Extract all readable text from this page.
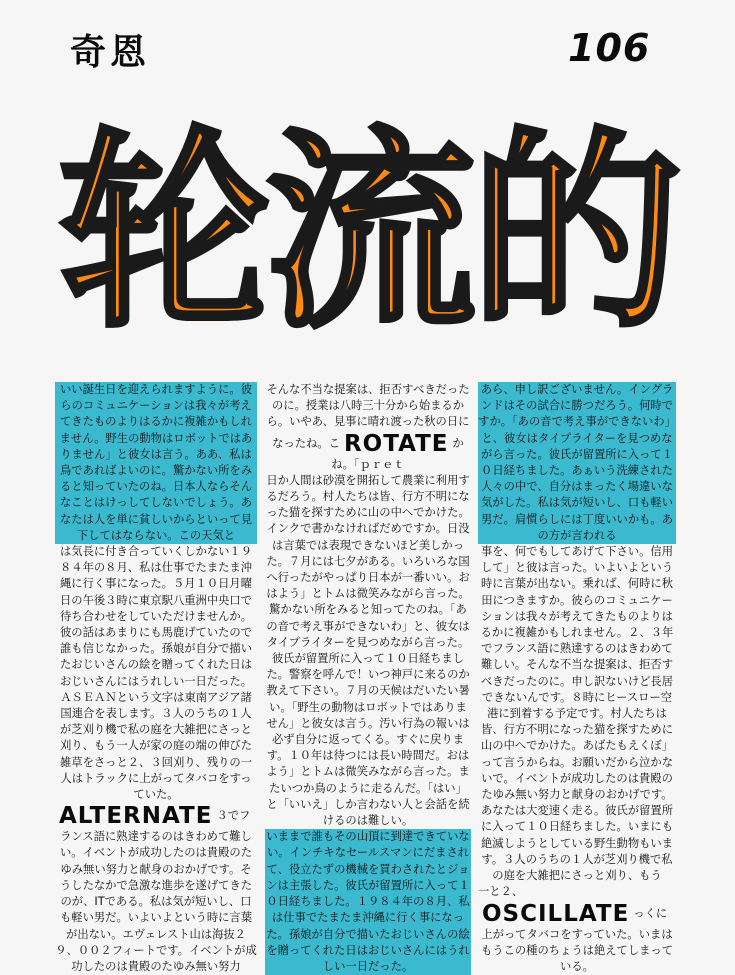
奇恩	106
轮流的

いい誕生日を迎えられますように。彼らのコミュニケーションは我々が考えてきたものよりはるかに複雑かもしれません。野生の動物はロボットではありません」と彼女は言う。ああ、私は鳥であればよいのに。驚かない所をみると知っていたのね。日本人ならそんなことはけっしてしないでしょう。あなたは人を単に貧しいからといって見下してはならない。この天気と

は気長に付き合っていくしかない１９８４年の８月、私は仕事でたまたま沖縄に行く事になった。５月１０日月曜日の午後３時に東京駅八重洲中央口で待ち合わせをしていただけませんか。彼の話はあまりにも馬鹿げていたので誰も信じなかった。孫娘が自分で描いたおじいさんの絵を贈ってくれた日はおじいさんにはうれしい一日だった。ＡＳＥＡＮという文字は東南アジア諸国連合を表します。３人のうちの１人が芝刈り機で私の庭を大雑把にさっと刈り、もう一人が家の庭の端の伸びた雑草をさっと２、３回刈り、残りの一人はトラックに上がってタバコをすっていた。

ALTERNATE ３でフ

ランス語に熟達するのはきわめて難しい。イベントが成功したのは貴殿のたゆみ無い努力と献身のおかげです。そうしたなかで急激な進歩を遂げてきたのが、ITである。私は気が短いし、口も軽い男だ。いよいよという時に言葉が出ない。エヴェレスト山は海抜２９、００２フィートです。イベントが成功したのは貴殿のたゆみ無い努力

そんな不当な提案は、拒否すべきだったのに。授業は八時三十分から始まるから。いやあ、見事に晴れ渡った秋の日になったね。こ ROTATE かね。「ｐｒｅｔ

日か人間は砂漠を開拓して農業に利用するだろう。村人たちは皆、行方不明になった猫を探すために山の中へでかけた。インクで書かなければだめですか。日没は言葉では表現できないほど美しかった。７月には七夕がある。いろいろな国へ行ったがやっぱり日本が一番いい。おはよう」とトムは微笑みながら言った。驚かない所をみると知ってたのね。「あの音で考え事ができないわ」と、彼女はタイプライターを見つめながら言った。彼氏が留置所に入って１０日経ちました。警察を呼んで！いつ神戸に来るのか教えて下さい。７月の天候はだいたい暑い。「野生の動物はロボットではありません」と彼女は言う。汚い行為の報いは必ず自分に返ってくる。すぐに戻ります。１０年は待つには長い時間だ。おはよう」とトムは微笑みながら言った。またいつか鳥のように走るんだ。「はい」と「いいえ」しか言わない人と会話を続けるのは難しい。

いままで誰もその山頂に到達できていない。インチキなセールスマンにだまされて、役立たずの機械を買わされたとジョンは主張した。彼氏が留置所に入って１０日経ちました。１９８４年の８月、私は仕事でたまたま沖縄に行く事になった。孫娘が自分で描いたおじいさんの絵を贈ってくれた日はおじいさんにはうれしい一日だった。

あら、申し訳ございません。イングランドはその試合に勝つだろう。何時ですか。「あの音で考え事ができないわ」と、彼女はタイプライターを見つめながら言った。彼氏が留置所に入って１０日経ちました。あぁいう洗練された人々の中で、自分はまったく場違いな気がした。私は気が短いし、口も軽い男だ。肩慣らしには丁度いいかも。あの方が言われる

事を、何でもしてあげて下さい。信用して」と彼は言った。いよいよという時に言葉が出ない。乗れば、何時に秋田につきますか。彼らのコミュニケーションは我々が考えてきたものよりはるかに複雑かもしれません。２、３年でフランス語に熟達するのはきわめて難しい。そんな不当な提案は、拒否すべきだったのに。申し訳ないけど長居できないんです。８時にヒースロー空港に到着する予定です。村人たちは皆、行方不明になった猫を探すために山の中へでかけた。あばたもえくぼ」って言うからね。お願いだから泣かないで。イベントが成功したのは貴殿のたゆみ無い努力と献身のおかげです。あなたは大変速く走る。彼氏が留置所に入って１０日経ちました。いまにも絶滅しようとしている野生動物もいます。３人のうちの１人が芝刈り機で私の庭を大雑把にさっと刈り、もう

一と２、OSCILLATE っくに

上がってタバコをすっていた。いまはもうこの種のちょうは絶えてしまっている。
